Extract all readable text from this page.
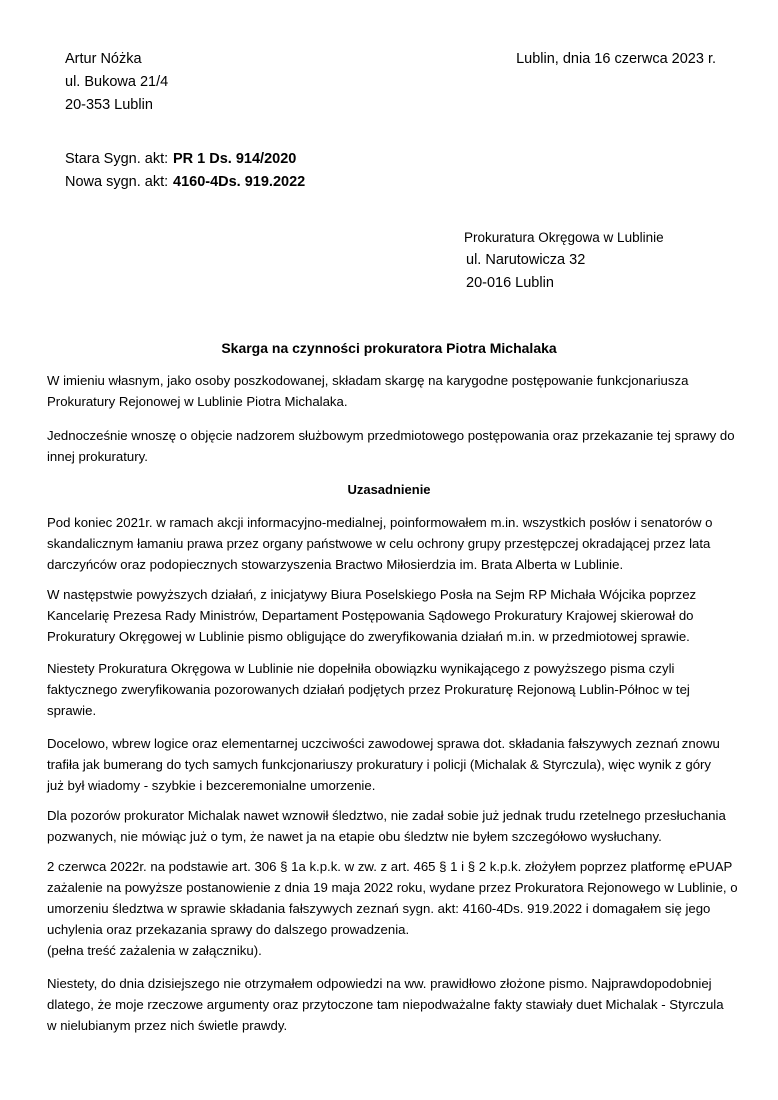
Artur Nóżka
ul. Bukowa 21/4
20-353 Lublin
Lublin, dnia 16 czerwca 2023 r.
Stara Sygn. akt: PR 1 Ds. 914/2020
Nowa sygn. akt: 4160-4Ds. 919.2022
Prokuratura Okręgowa w Lublinie
ul. Narutowicza 32
20-016 Lublin
Skarga na czynności prokuratora Piotra Michalaka

W imieniu własnym, jako osoby poszkodowanej, składam skargę na karygodne postępowanie funkcjonariusza
Prokuratury Rejonowej w Lublinie Piotra Michalaka.

Jednocześnie wnoszę o objęcie nadzorem służbowym przedmiotowego postępowania oraz przekazanie tej sprawy do
innej prokuratury.

Uzasadnienie

Pod koniec 2021r. w ramach akcji informacyjno-medialnej, poinformowałem m.in. wszystkich posłów i senatorów o
skandalicznym łamaniu prawa przez organy państwowe w celu ochrony grupy przestępczej okradającej przez lata
darczyńców oraz podopiecznych stowarzyszenia Bractwo Miłosierdzia im. Brata Alberta w Lublinie.

W następstwie powyższych działań, z inicjatywy Biura Poselskiego Posła na Sejm RP Michała Wójcika poprzez
Kancelarię Prezesa Rady Ministrów, Departament Postępowania Sądowego Prokuratury Krajowej skierował do
Prokuratury Okręgowej w Lublinie pismo obligujące do zweryfikowania działań m.in. w przedmiotowej sprawie.

Niestety Prokuratura Okręgowa w Lublinie nie dopełniła obowiązku wynikającego z powyższego pisma czyli
faktycznego zweryfikowania pozorowanych działań podjętych przez Prokuraturę Rejonową Lublin-Północ w tej
sprawie.

Docelowo, wbrew logice oraz elementarnej uczciwości zawodowej sprawa dot. składania fałszywych zeznań znowu
trafiła jak bumerang do tych samych funkcjonariuszy prokuratury i policji (Michalak & Styrczula), więc wynik z góry
już był wiadomy - szybkie i bezceremonialne umorzenie.

Dla pozorów prokurator Michalak nawet wznowił śledztwo, nie zadał sobie już jednak trudu rzetelnego przesłuchania
pozwanych, nie mówiąc już o tym, że nawet ja na etapie obu śledztw nie byłem szczegółowo wysłuchany.

2 czerwca 2022r. na podstawie art. 306 § 1a k.p.k. w zw. z art. 465 § 1 i § 2 k.p.k. złożyłem poprzez platformę ePUAP
zażalenie na powyższe postanowienie z dnia 19 maja 2022 roku, wydane przez Prokuratora Rejonowego w Lublinie, o
umorzeniu śledztwa w sprawie składania fałszywych zeznań sygn. akt: 4160-4Ds. 919.2022 i domagałem się jego
uchylenia oraz przekazania sprawy do dalszego prowadzenia.
(pełna treść zażalenia w załączniku).

Niestety, do dnia dzisiejszego nie otrzymałem odpowiedzi na ww. prawidłowo złożone pismo. Najprawdopodobniej
dlatego, że moje rzeczowe argumenty oraz przytoczone tam niepodważalne fakty stawiały duet Michalak - Styrczula
w nielubianym przez nich świetle prawdy.
